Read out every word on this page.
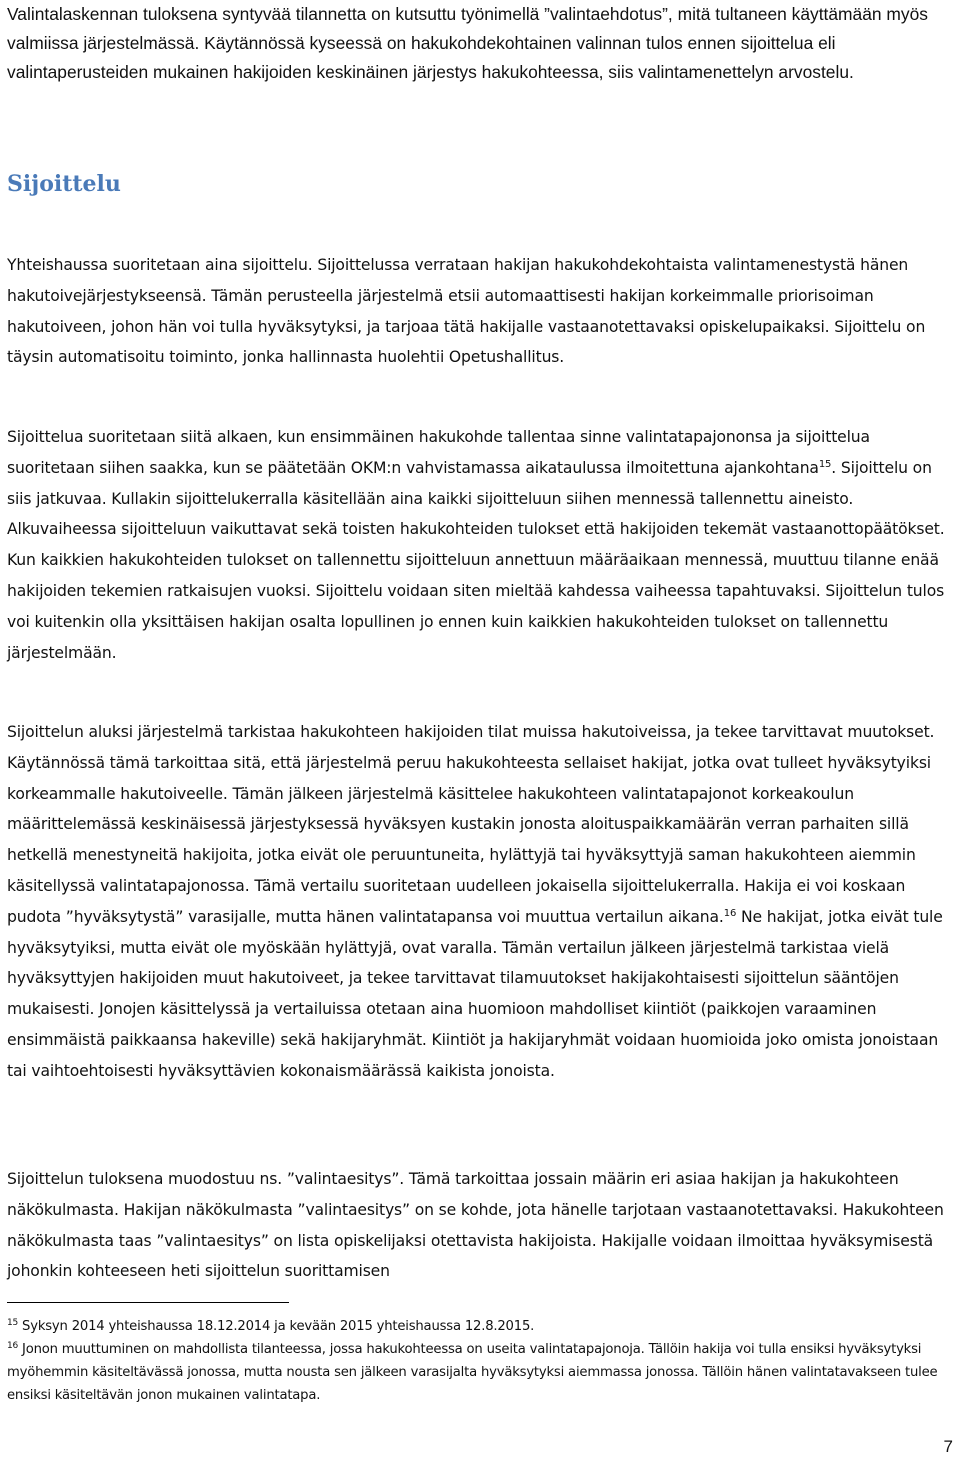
Valintalaskennan tuloksena syntyvää tilannetta on kutsuttu työnimellä ”valintaehdotus”, mitä tultaneen käyttämään myös valmiissa järjestelmässä. Käytännössä kyseessä on hakukohdekohtainen valinnan tulos ennen sijoittelua eli valintaperusteiden mukainen hakijoiden keskinäinen järjestys hakukohteessa, siis valintamenettelyn arvostelu.

Sijoittelu

Yhteishaussa suoritetaan aina sijoittelu. Sijoittelussa verrataan hakijan hakukohdekohtaista valintamenestystä hänen hakutoivejärjestykseensä. Tämän perusteella järjestelmä etsii automaattisesti hakijan korkeimmalle priorisoiman hakutoiveen, johon hän voi tulla hyväksytyksi, ja tarjoaa tätä hakijalle vastaanotettavaksi opiskelupaikaksi. Sijoittelu on täysin automatisoitu toiminto, jonka hallinnasta huolehtii Opetushallitus.

Sijoittelua suoritetaan siitä alkaen, kun ensimmäinen hakukohde tallentaa sinne valintatapajononsa ja sijoittelua suoritetaan siihen saakka, kun se päätetään OKM:n vahvistamassa aikataulussa ilmoitettuna ajankohtana$^{15}$. Sijoittelu on siis jatkuvaa. Kullakin sijoittelukerralla käsitellään aina kaikki sijoitteluun siihen mennessä tallennettu aineisto. Alkuvaiheessa sijoitteluun vaikuttavat sekä toisten hakukohteiden tulokset että hakijoiden tekemät vastaanottopäätökset. Kun kaikkien hakukohteiden tulokset on tallennettu sijoitteluun annettuun määräaikaan mennessä, muuttuu tilanne enää hakijoiden tekemien ratkaisujen vuoksi. Sijoittelu voidaan siten mieltää kahdessa vaiheessa tapahtuvaksi. Sijoittelun tulos voi kuitenkin olla yksittäisen hakijan osalta lopullinen jo ennen kuin kaikkien hakukohteiden tulokset on tallennettu järjestelmään.

Sijoittelun aluksi järjestelmä tarkistaa hakukohteen hakijoiden tilat muissa hakutoiveissa, ja tekee tarvittavat muutokset. Käytännössä tämä tarkoittaa sitä, että järjestelmä peruu hakukohteesta sellaiset hakijat, jotka ovat tulleet hyväksytyiksi korkeammalle hakutoiveelle. Tämän jälkeen järjestelmä käsittelee hakukohteen valintatapajonot korkeakoulun määrittelemässä keskinäisessä järjestyksessä hyväksyen kustakin jonosta aloituspaikkamäärän verran parhaiten sillä hetkellä menestyneitä hakijoita, jotka eivät ole peruuntuneita, hylättyjä tai hyväksyttyjä saman hakukohteen aiemmin käsitellyssä valintatapajonossa. Tämä vertailu suoritetaan uudelleen jokaisella sijoittelukerralla. Hakija ei voi koskaan pudota ”hyväksytystä” varasijalle, mutta hänen valintatapansa voi muuttua vertailun aikana.$^{16}$ Ne hakijat, jotka eivät tule hyväksytyiksi, mutta eivät ole myöskään hylättyjä, ovat varalla. Tämän vertailun jälkeen järjestelmä tarkistaa vielä hyväksyttyjen hakijoiden muut hakutoiveet, ja tekee tarvittavat tilamuutokset hakijakohtaisesti sijoittelun sääntöjen mukaisesti. Jonojen käsittelyssä ja vertailuissa otetaan aina huomioon mahdolliset kiintiöt (paikkojen varaaminen ensimmäistä paikkaansa hakeville) sekä hakijaryhmät. Kiintiöt ja hakijaryhmät voidaan huomioida joko omista jonoistaan tai vaihtoehtoisesti hyväksyttävien kokonaismäärässä kaikista jonoista.

Sijoittelun tuloksena muodostuu ns. ”valintaesitys”. Tämä tarkoittaa jossain määrin eri asiaa hakijan ja hakukohteen näkökulmasta. Hakijan näkökulmasta ”valintaesitys” on se kohde, jota hänelle tarjotaan vastaanotettavaksi. Hakukohteen näkökulmasta taas ”valintaesitys” on lista opiskelijaksi otettavista hakijoista. Hakijalle voidaan ilmoittaa hyväksymisestä johonkin kohteeseen heti sijoittelun suorittamisen

$^{15}$ Syksyn 2014 yhteishaussa 18.12.2014 ja kevään 2015 yhteishaussa 12.8.2015.

$^{16}$ Jonon muuttuminen on mahdollista tilanteessa, jossa hakukohteessa on useita valintatapajonoja. Tällöin hakija voi tulla ensiksi hyväksytyksi myöhemmin käsiteltävässä jonossa, mutta nousta sen jälkeen varasijalta hyväksytyksi aiemmassa jonossa. Tällöin hänen valintatavakseen tulee ensiksi käsiteltävän jonon mukainen valintatapa.

7
